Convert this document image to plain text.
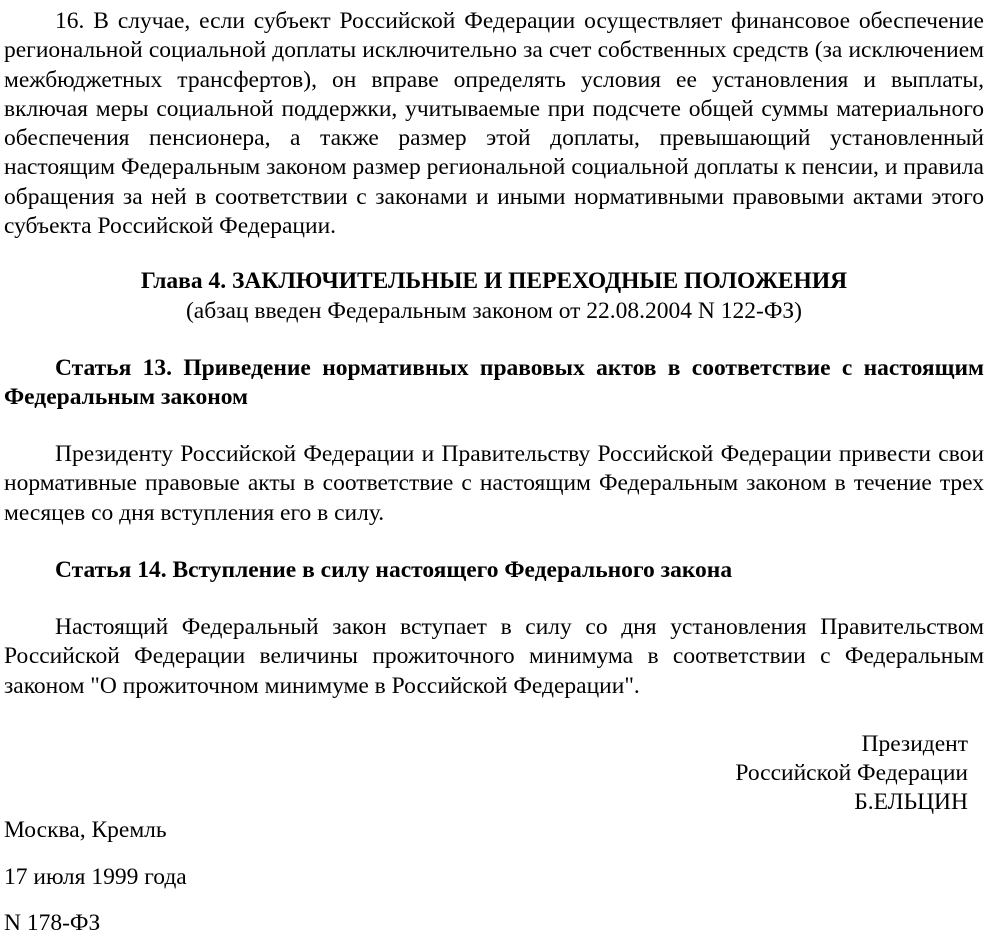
16. В случае, если субъект Российской Федерации осуществляет финансовое обеспечение региональной социальной доплаты исключительно за счет собственных средств (за исключением межбюджетных трансфертов), он вправе определять условия ее установления и выплаты, включая меры социальной поддержки, учитываемые при подсчете общей суммы материального обеспечения пенсионера, а также размер этой доплаты, превышающий установленный настоящим Федеральным законом размер региональной социальной доплаты к пенсии, и правила обращения за ней в соответствии с законами и иными нормативными правовыми актами этого субъекта Российской Федерации.

Глава 4. ЗАКЛЮЧИТЕЛЬНЫЕ И ПЕРЕХОДНЫЕ ПОЛОЖЕНИЯ

(абзац введен Федеральным законом от 22.08.2004 N 122-ФЗ)

Статья 13. Приведение нормативных правовых актов в соответствие с настоящим Федеральным законом

Президенту Российской Федерации и Правительству Российской Федерации привести свои нормативные правовые акты в соответствие с настоящим Федеральным законом в течение трех месяцев со дня вступления его в силу.

Статья 14. Вступление в силу настоящего Федерального закона

Настоящий Федеральный закон вступает в силу со дня установления Правительством Российской Федерации величины прожиточного минимума в соответствии с Федеральным законом "О прожиточном минимуме в Российской Федерации".

Президент

Российской Федерации

Б.ЕЛЬЦИН

Москва, Кремль

17 июля 1999 года

N 178-ФЗ
